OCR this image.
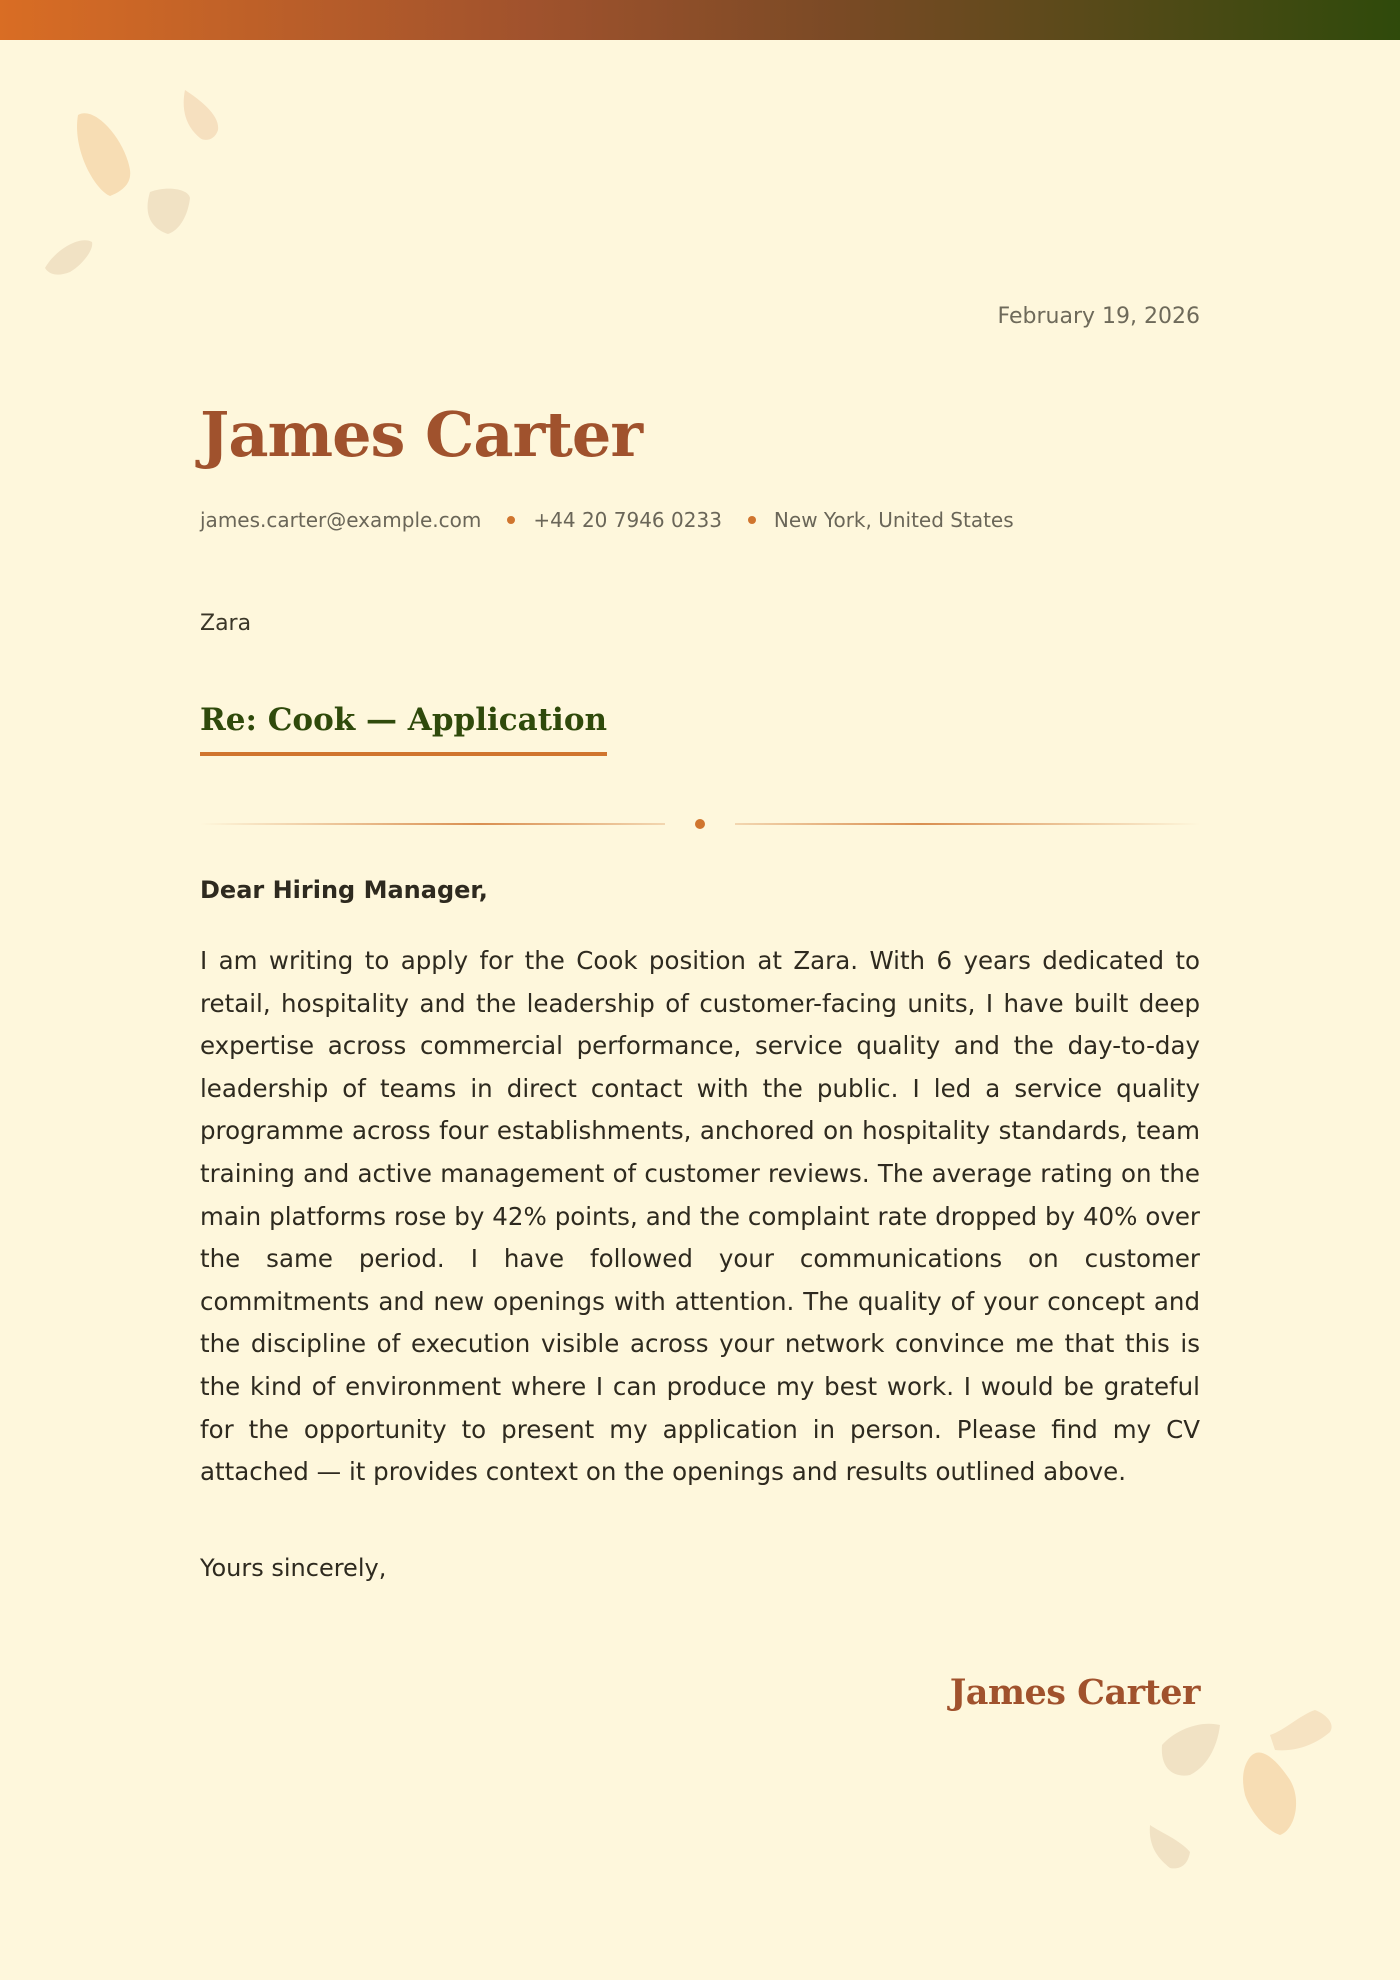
February 19, 2026
James Carter
james.carter@example.com	+44 20 7946 0233	New York, United States
Zara
Re: Cook — Application
Dear Hiring Manager,

I am writing to apply for the Cook position at Zara. With 6 years dedicated to retail, hospitality and the leadership of customer-facing units, I have built deep expertise across commercial performance, service quality and the day-to-day leadership of teams in direct contact with the public. I led a service quality programme across four establishments, anchored on hospitality standards, team training and active management of customer reviews. The average rating on the main platforms rose by 42% points, and the complaint rate dropped by 40% over the same period. I have followed your communications on customer commitments and new openings with attention. The quality of your concept and the discipline of execution visible across your network convince me that this is the kind of environment where I can produce my best work. I would be grateful for the opportunity to present my application in person. Please find my CV attached — it provides context on the openings and results outlined above.

Yours sincerely,
James Carter
